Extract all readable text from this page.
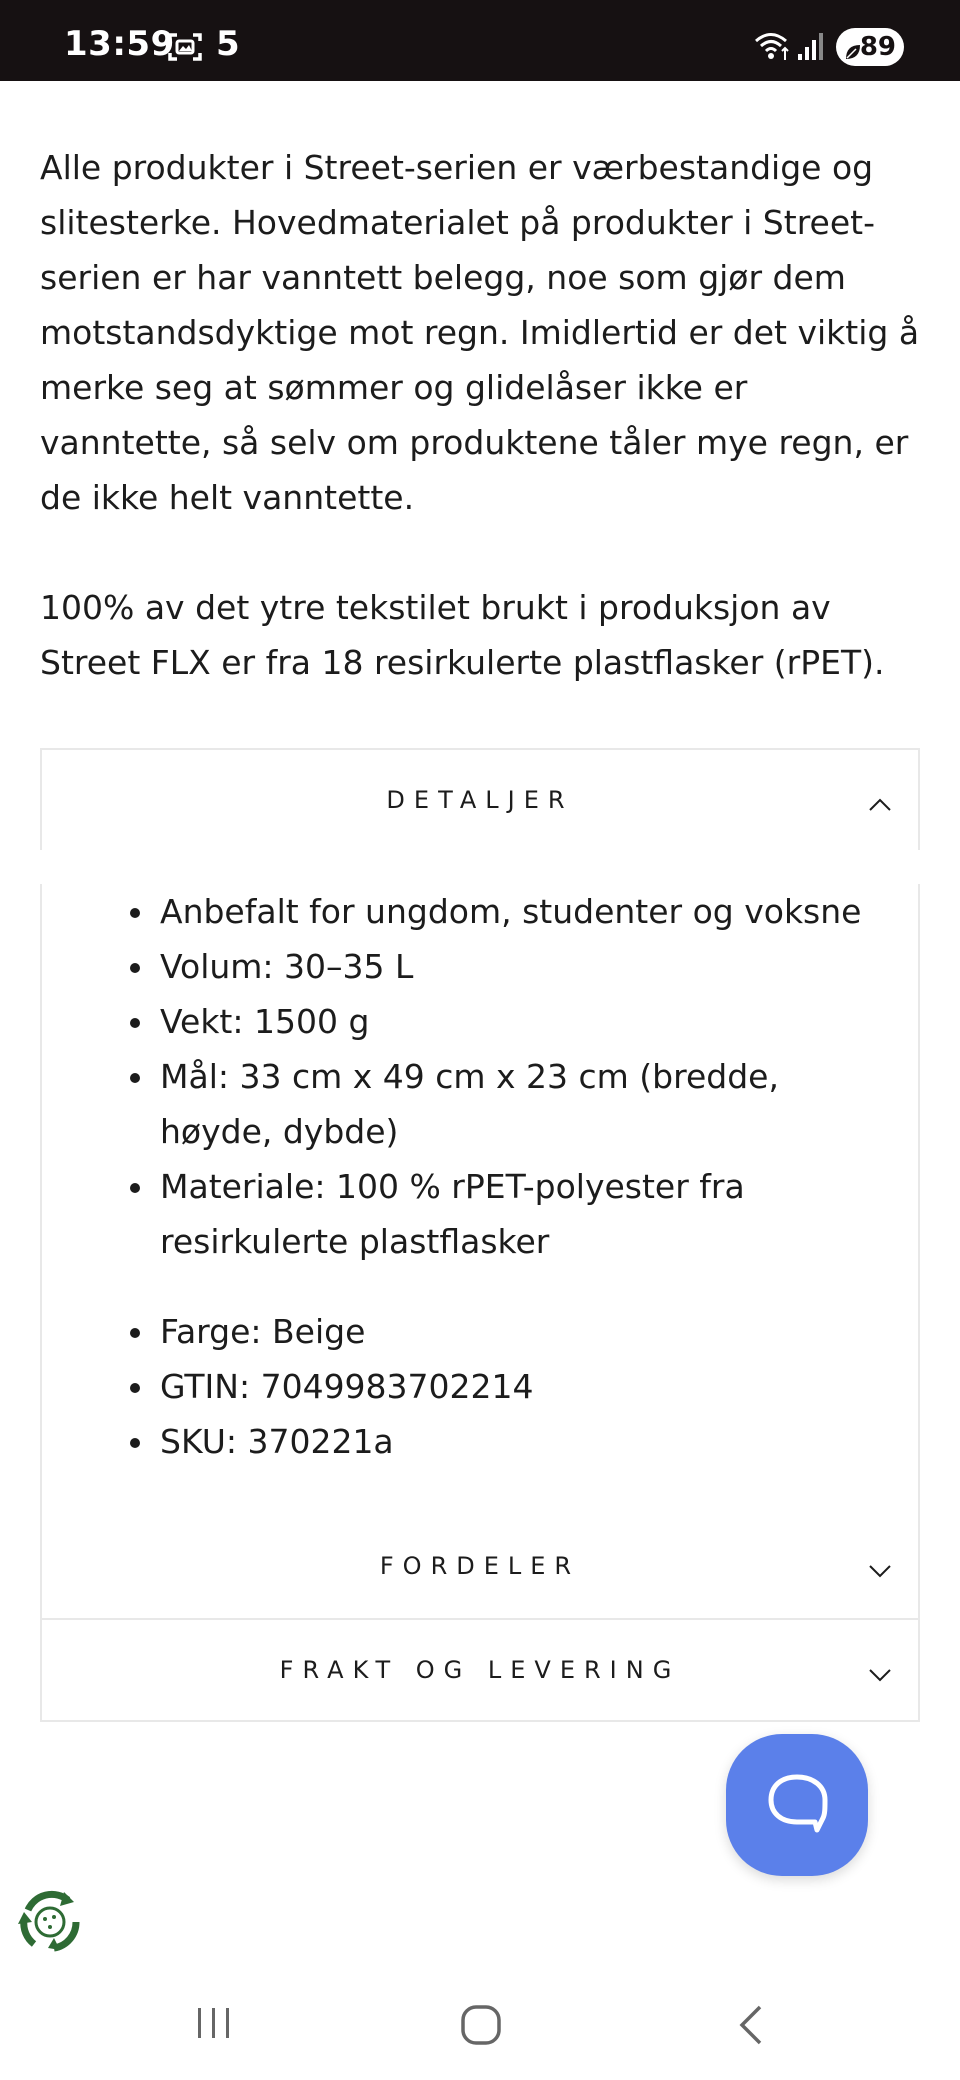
13:59 5	89

Alle produkter i Street-serien er værbestandige og slitesterke. Hovedmaterialet på produkter i Street-serien er har vanntett belegg, noe som gjør dem motstandsdyktige mot regn. Imidlertid er det viktig å merke seg at sømmer og glidelåser ikke er vanntette, så selv om produktene tåler mye regn, er de ikke helt vanntette.

100% av det ytre tekstilet brukt i produksjon av Street FLX er fra 18 resirkulerte plastflasker (rPET).

DETALJER
Anbefalt for ungdom, studenter og voksne
Volum: 30–35 L
Vekt: 1500 g
Mål: 33 cm x 49 cm x 23 cm (bredde, høyde, dybde)
Materiale: 100 % rPET-polyester fra resirkulerte plastflasker
Farge: Beige
GTIN: 7049983702214
SKU: 370221a
FORDELER
FRAKT OG LEVERING
